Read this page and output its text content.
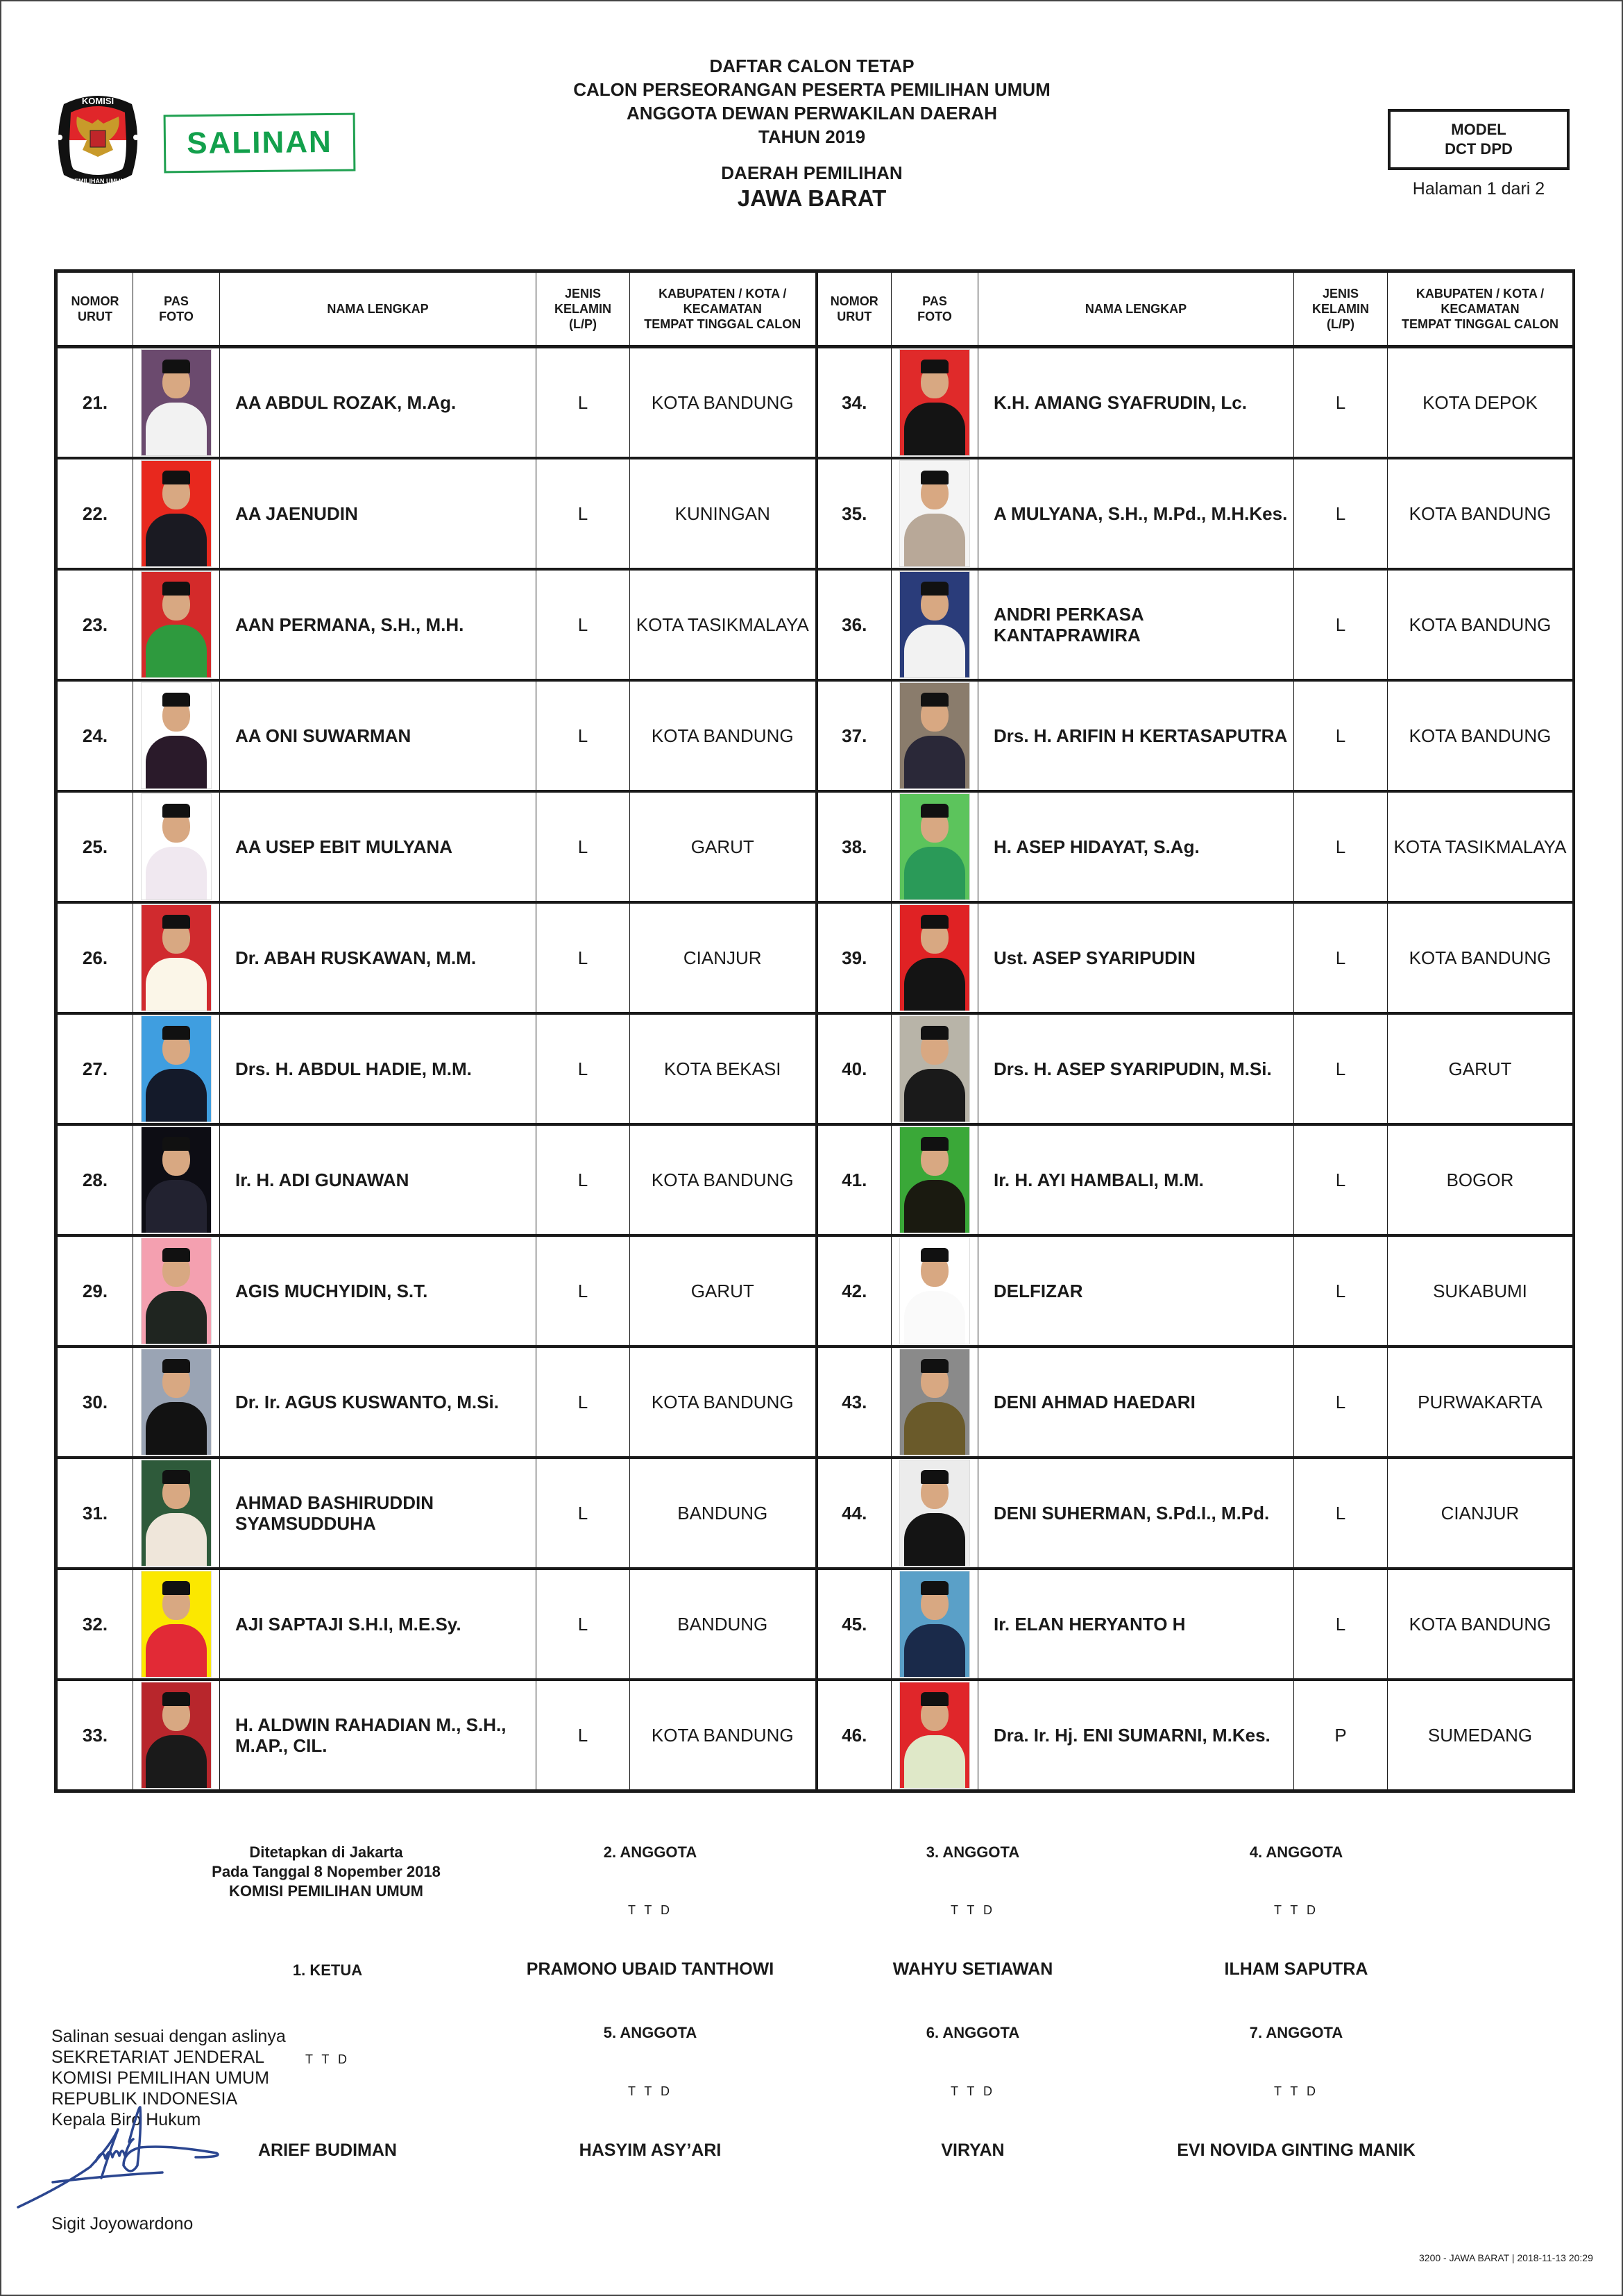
KOMISI
PEMILIHAN UMUM
SALINAN
DAFTAR CALON TETAP
CALON PERSEORANGAN PESERTA PEMILIHAN UMUM
ANGGOTA DEWAN PERWAKILAN DAERAH
TAHUN 2019
DAERAH PEMILIHAN
JAWA BARAT
MODEL
DCT DPD
Halaman 1 dari 2
NOMOR
URUT	PAS
FOTO	NAMA LENGKAP	JENIS
KELAMIN
(L/P)	KABUPATEN / KOTA /
KECAMATAN
TEMPAT TINGGAL CALON	NOMOR
URUT	PAS
FOTO	NAMA LENGKAP	JENIS
KELAMIN
(L/P)	KABUPATEN / KOTA /
KECAMATAN
TEMPAT TINGGAL CALON
21.		AA ABDUL ROZAK, M.Ag.	L	KOTA BANDUNG	34.		K.H. AMANG SYAFRUDIN, Lc.	L	KOTA DEPOK
22.		AA JAENUDIN	L	KUNINGAN	35.		A MULYANA, S.H., M.Pd., M.H.Kes.	L	KOTA BANDUNG
23.		AAN PERMANA, S.H., M.H.	L	KOTA TASIKMALAYA	36.		ANDRI PERKASA KANTAPRAWIRA	L	KOTA BANDUNG
24.		AA ONI SUWARMAN	L	KOTA BANDUNG	37.		Drs. H. ARIFIN H KERTASAPUTRA	L	KOTA BANDUNG
25.		AA USEP EBIT MULYANA	L	GARUT	38.		H. ASEP HIDAYAT, S.Ag.	L	KOTA TASIKMALAYA
26.		Dr. ABAH RUSKAWAN, M.M.	L	CIANJUR	39.		Ust. ASEP SYARIPUDIN	L	KOTA BANDUNG
27.		Drs. H. ABDUL HADIE, M.M.	L	KOTA BEKASI	40.		Drs. H. ASEP SYARIPUDIN, M.Si.	L	GARUT
28.		Ir. H. ADI GUNAWAN	L	KOTA BANDUNG	41.		Ir. H. AYI HAMBALI, M.M.	L	BOGOR
29.		AGIS MUCHYIDIN, S.T.	L	GARUT	42.		DELFIZAR	L	SUKABUMI
30.		Dr. Ir. AGUS KUSWANTO, M.Si.	L	KOTA BANDUNG	43.		DENI AHMAD HAEDARI	L	PURWAKARTA
31.		AHMAD BASHIRUDDIN SYAMSUDDUHA	L	BANDUNG	44.		DENI SUHERMAN, S.Pd.I., M.Pd.	L	CIANJUR
32.		AJI SAPTAJI S.H.I, M.E.Sy.	L	BANDUNG	45.		Ir. ELAN HERYANTO H	L	KOTA BANDUNG
33.		H. ALDWIN RAHADIAN M., S.H., M.AP., CIL.	L	KOTA BANDUNG	46.		Dra. Ir. Hj. ENI SUMARNI, M.Kes.	P	SUMEDANG
Ditetapkan di Jakarta
Pada Tanggal 8 Nopember 2018
KOMISI PEMILIHAN UMUM
2. ANGGOTA	3. ANGGOTA	4. ANGGOTA
T T D	T T D	T T D
1. KETUA	PRAMONO UBAID TANTHOWI	WAHYU SETIAWAN	ILHAM SAPUTRA
5. ANGGOTA	6. ANGGOTA	7. ANGGOTA
T T D
T T D	T T D	T T D
ARIEF BUDIMAN	HASYIM ASY’ARI	VIRYAN	EVI NOVIDA GINTING MANIK
Salinan sesuai dengan aslinya
SEKRETARIAT JENDERAL
KOMISI PEMILIHAN UMUM
REPUBLIK INDONESIA
Kepala Biro Hukum
Sigit Joyowardono
3200 - JAWA BARAT | 2018-11-13 20:29
